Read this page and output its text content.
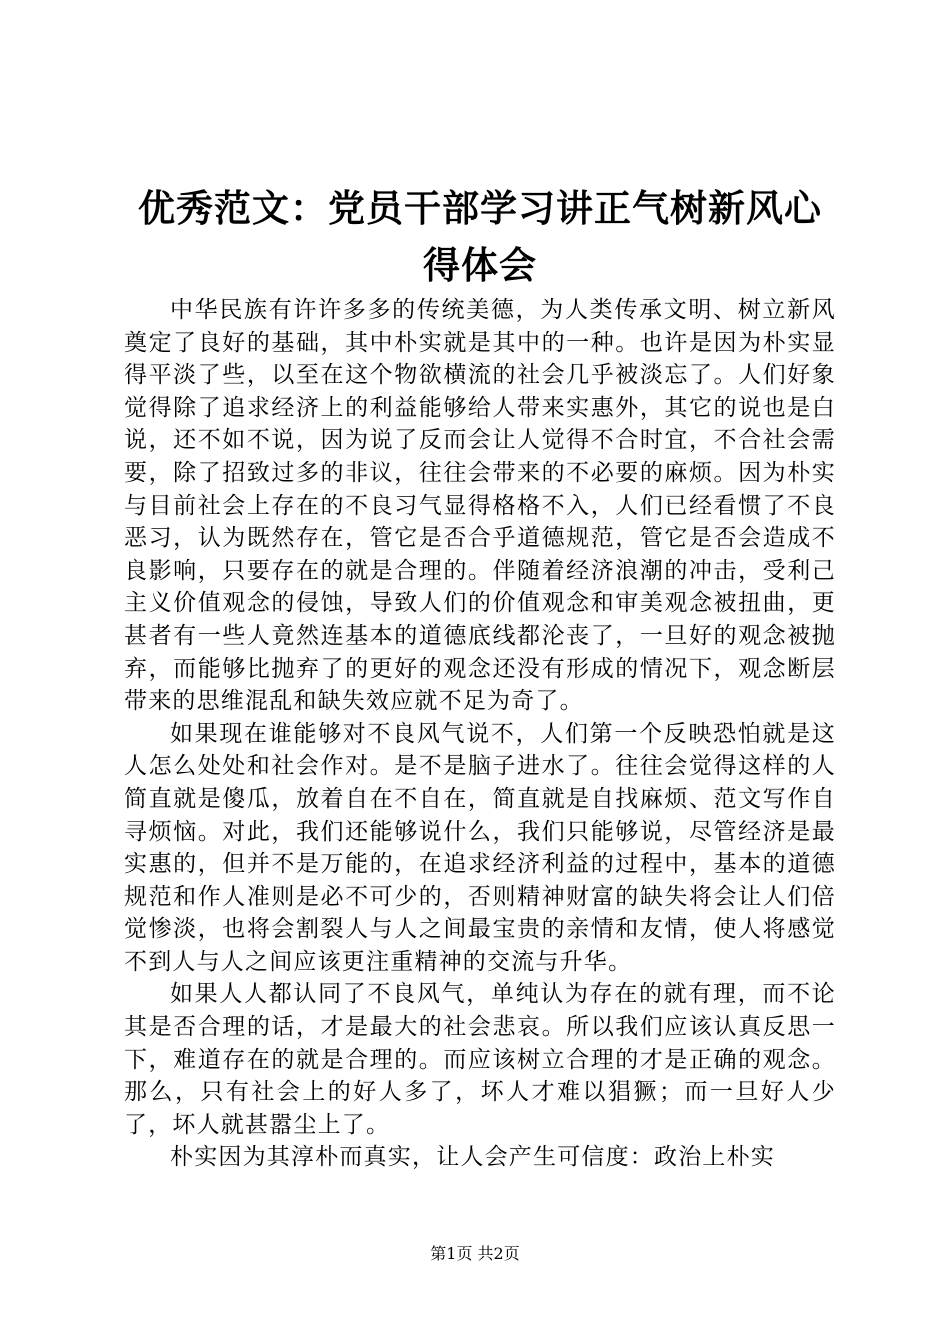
优秀范文：党员干部学习讲正气树新风心得体会

中华民族有许许多多的传统美德，为人类传承文明、树立新风奠定了良好的基础，其中朴实就是其中的一种。也许是因为朴实显得平淡了些，以至在这个物欲横流的社会几乎被淡忘了。人们好象觉得除了追求经济上的利益能够给人带来实惠外，其它的说也是白说，还不如不说，因为说了反而会让人觉得不合时宜，不合社会需要，除了招致过多的非议，往往会带来的不必要的麻烦。因为朴实与目前社会上存在的不良习气显得格格不入，人们已经看惯了不良恶习，认为既然存在，管它是否合乎道德规范，管它是否会造成不良影响，只要存在的就是合理的。伴随着经济浪潮的冲击，受利己主义价值观念的侵蚀，导致人们的价值观念和审美观念被扭曲，更甚者有一些人竟然连基本的道德底线都沦丧了，一旦好的观念被抛弃，而能够比抛弃了的更好的观念还没有形成的情况下，观念断层带来的思维混乱和缺失效应就不足为奇了。

如果现在谁能够对不良风气说不，人们第一个反映恐怕就是这人怎么处处和社会作对。是不是脑子进水了。往往会觉得这样的人简直就是傻瓜，放着自在不自在，简直就是自找麻烦、范文写作自寻烦恼。对此，我们还能够说什么，我们只能够说，尽管经济是最实惠的，但并不是万能的，在追求经济利益的过程中，基本的道德规范和作人准则是必不可少的，否则精神财富的缺失将会让人们倍觉惨淡，也将会割裂人与人之间最宝贵的亲情和友情，使人将感觉不到人与人之间应该更注重精神的交流与升华。

如果人人都认同了不良风气，单纯认为存在的就有理，而不论其是否合理的话，才是最大的社会悲哀。所以我们应该认真反思一下，难道存在的就是合理的。而应该树立合理的才是正确的观念。那么，只有社会上的好人多了，坏人才难以猖獗；而一旦好人少了，坏人就甚嚣尘上了。

朴实因为其淳朴而真实，让人会产生可信度：政治上朴实

第1页 共2页
